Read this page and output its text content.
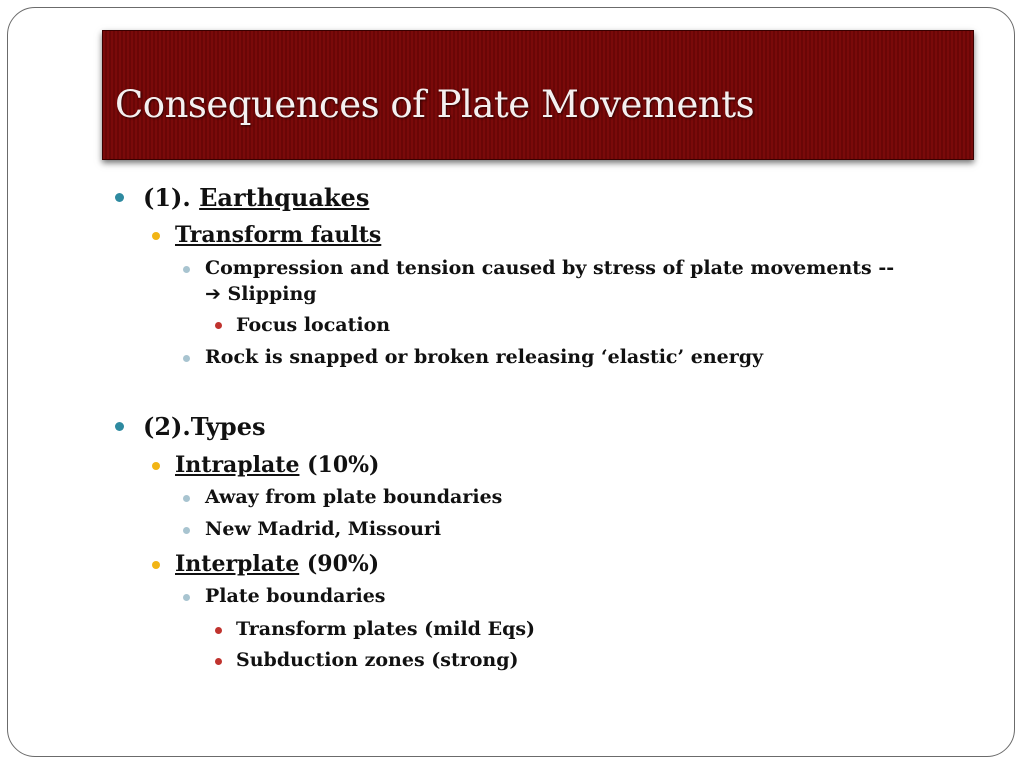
Consequences of Plate Movements
(1). Earthquakes
Transform faults
Compression and tension caused by stress of plate movements --
➔ Slipping
Focus location
Rock is snapped or broken releasing ‘elastic’ energy
(2).Types
Intraplate (10%)
Away from plate boundaries
New Madrid, Missouri
Interplate (90%)
Plate boundaries
Transform plates (mild Eqs)
Subduction zones (strong)
